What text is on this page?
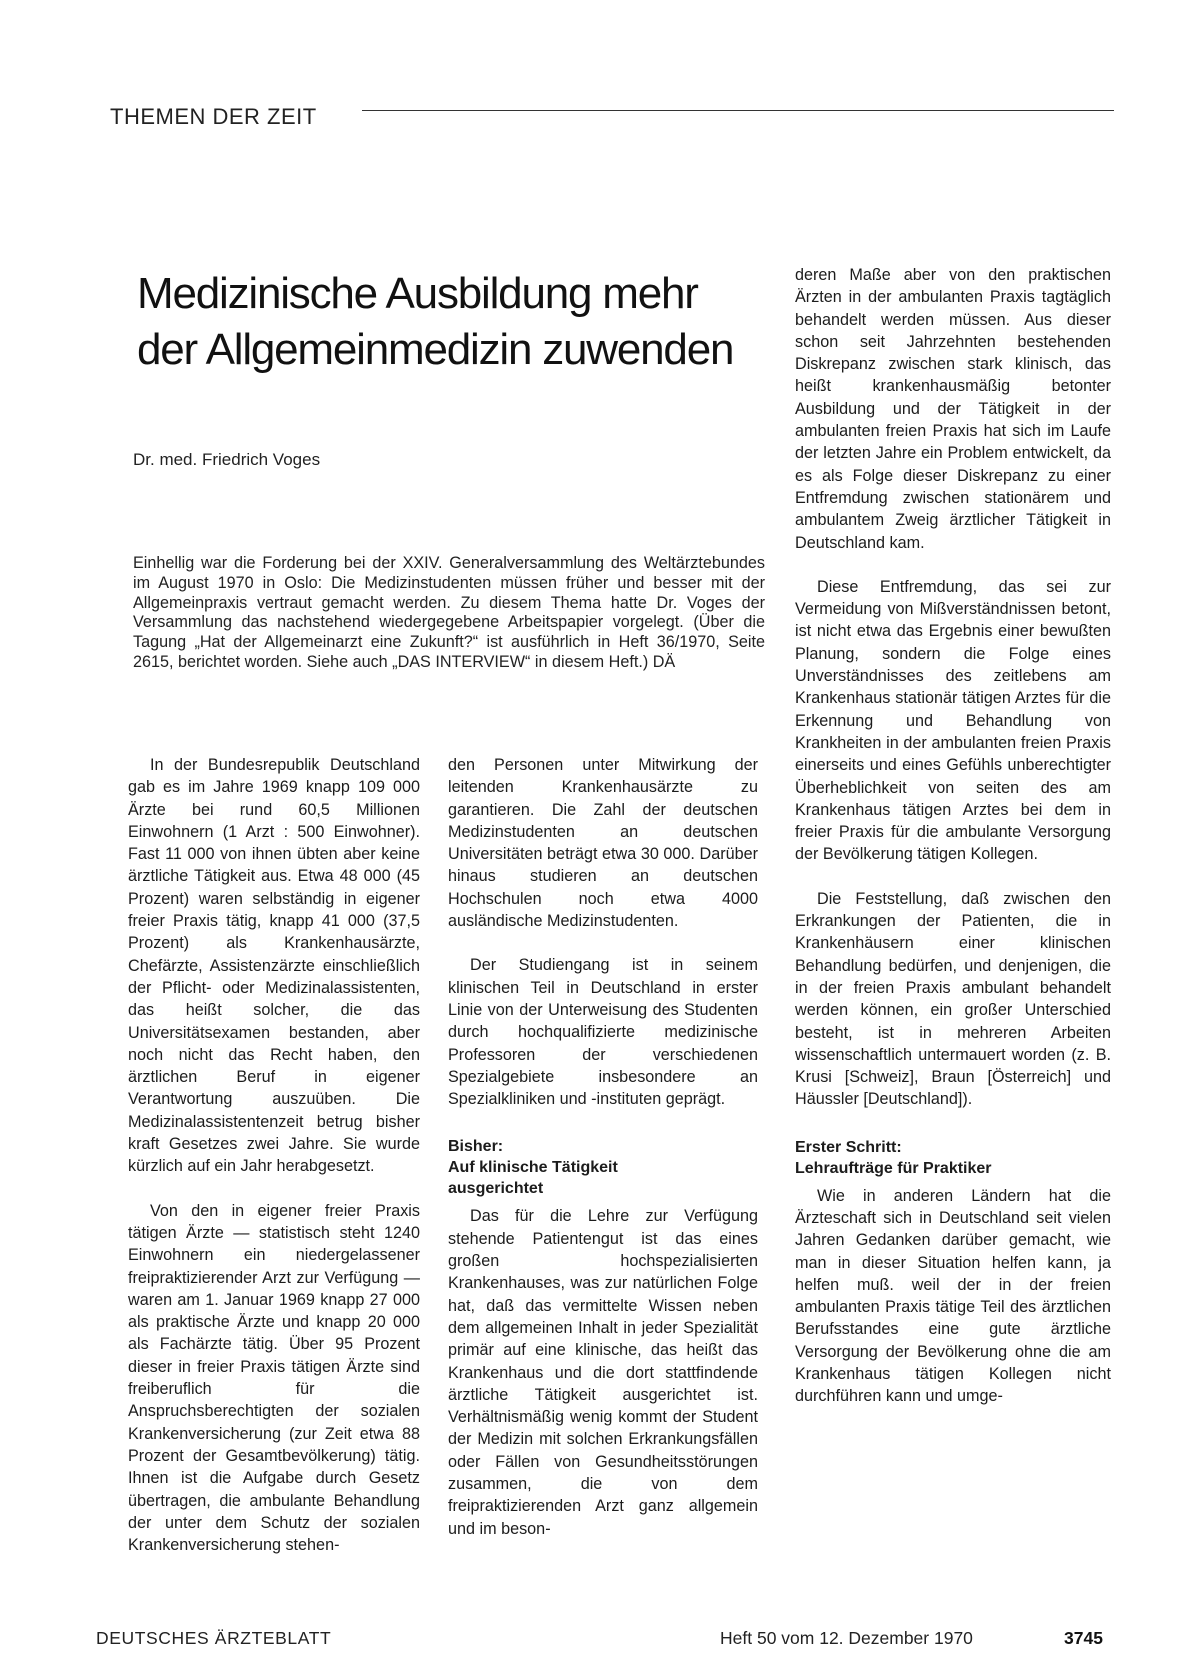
THEMEN DER ZEIT
Medizinische Ausbildung mehr
der Allgemeinmedizin zuwenden
Dr. med. Friedrich Voges
Einhellig war die Forderung bei der XXIV. Generalversammlung des Weltärztebundes im August 1970 in Oslo: Die Medizinstudenten müssen früher und besser mit der Allgemeinpraxis vertraut gemacht werden. Zu diesem Thema hatte Dr. Voges der Versammlung das nachstehend wiedergegebene Arbeitspapier vorgelegt. (Über die Tagung „Hat der Allgemeinarzt eine Zukunft?“ ist ausführlich in Heft 36/1970, Seite 2615, berichtet worden. Siehe auch „DAS INTERVIEW“ in diesem Heft.) DÄ

In der Bundesrepublik Deutschland gab es im Jahre 1969 knapp 109 000 Ärzte bei rund 60,5 Millionen Einwohnern (1 Arzt : 500 Einwohner). Fast 11 000 von ihnen übten aber keine ärztliche Tätigkeit aus. Etwa 48 000 (45 Prozent) waren selbständig in eigener freier Praxis tätig, knapp 41 000 (37,5 Prozent) als Krankenhausärzte, Chefärzte, Assistenzärzte einschließlich der Pflicht- oder Medizinalassistenten, das heißt solcher, die das Universitätsexamen bestanden, aber noch nicht das Recht haben, den ärztlichen Beruf in eigener Verantwortung auszuüben. Die Medizinalassistentenzeit betrug bisher kraft Gesetzes zwei Jahre. Sie wurde kürzlich auf ein Jahr herabgesetzt.

Von den in eigener freier Praxis tätigen Ärzte — statistisch steht 1240 Einwohnern ein niedergelassener freipraktizierender Arzt zur Verfügung — waren am 1. Januar 1969 knapp 27 000 als praktische Ärzte und knapp 20 000 als Fachärzte tätig. Über 95 Prozent dieser in freier Praxis tätigen Ärzte sind freiberuflich für die Anspruchsberechtigten der sozialen Krankenversicherung (zur Zeit etwa 88 Prozent der Gesamtbevölkerung) tätig. Ihnen ist die Aufgabe durch Gesetz übertragen, die ambulante Behandlung der unter dem Schutz der sozialen Krankenversicherung stehen-

den Personen unter Mitwirkung der leitenden Krankenhausärzte zu garantieren. Die Zahl der deutschen Medizinstudenten an deutschen Universitäten beträgt etwa 30 000. Darüber hinaus studieren an deutschen Hochschulen noch etwa 4000 ausländische Medizinstudenten.

Der Studiengang ist in seinem klinischen Teil in Deutschland in erster Linie von der Unterweisung des Studenten durch hochqualifizierte medizinische Professoren der verschiedenen Spezialgebiete insbesondere an Spezialkliniken und -instituten geprägt.

Bisher:
Auf klinische Tätigkeit
ausgerichtet

Das für die Lehre zur Verfügung stehende Patientengut ist das eines großen hochspezialisierten Krankenhauses, was zur natürlichen Folge hat, daß das vermittelte Wissen neben dem allgemeinen Inhalt in jeder Spezialität primär auf eine klinische, das heißt das Krankenhaus und die dort stattfindende ärztliche Tätigkeit ausgerichtet ist. Verhältnismäßig wenig kommt der Student der Medizin mit solchen Erkrankungsfällen oder Fällen von Gesundheitsstörungen zusammen, die von dem freipraktizierenden Arzt ganz allgemein und im beson-

deren Maße aber von den praktischen Ärzten in der ambulanten Praxis tagtäglich behandelt werden müssen. Aus dieser schon seit Jahrzehnten bestehenden Diskrepanz zwischen stark klinisch, das heißt krankenhausmäßig betonter Ausbildung und der Tätigkeit in der ambulanten freien Praxis hat sich im Laufe der letzten Jahre ein Problem entwickelt, da es als Folge dieser Diskrepanz zu einer Entfremdung zwischen stationärem und ambulantem Zweig ärztlicher Tätigkeit in Deutschland kam.

Diese Entfremdung, das sei zur Vermeidung von Mißverständnissen betont, ist nicht etwa das Ergebnis einer bewußten Planung, sondern die Folge eines Unverständnisses des zeitlebens am Krankenhaus stationär tätigen Arztes für die Erkennung und Behandlung von Krankheiten in der ambulanten freien Praxis einerseits und eines Gefühls unberechtigter Überheblichkeit von seiten des am Krankenhaus tätigen Arztes bei dem in freier Praxis für die ambulante Versorgung der Bevölkerung tätigen Kollegen.

Die Feststellung, daß zwischen den Erkrankungen der Patienten, die in Krankenhäusern einer klinischen Behandlung bedürfen, und denjenigen, die in der freien Praxis ambulant behandelt werden können, ein großer Unterschied besteht, ist in mehreren Arbeiten wissenschaftlich untermauert worden (z. B. Krusi [Schweiz], Braun [Österreich] und Häussler [Deutschland]).

Erster Schritt:
Lehraufträge für Praktiker

Wie in anderen Ländern hat die Ärzteschaft sich in Deutschland seit vielen Jahren Gedanken darüber gemacht, wie man in dieser Situation helfen kann, ja helfen muß. weil der in der freien ambulanten Praxis tätige Teil des ärztlichen Berufsstandes eine gute ärztliche Versorgung der Bevölkerung ohne die am Krankenhaus tätigen Kollegen nicht durchführen kann und umge-

DEUTSCHES ÄRZTEBLATT	Heft 50 vom 12. Dezember 1970	3745
